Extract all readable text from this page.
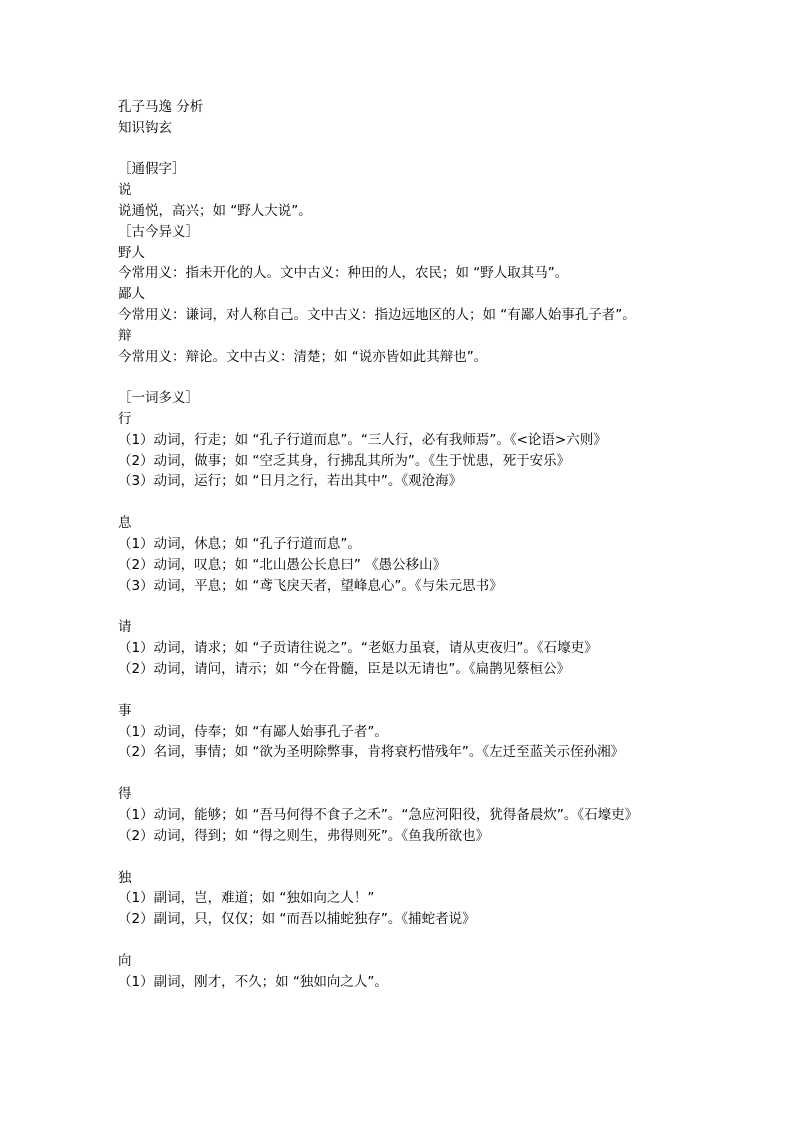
孔子马逸 分析
知识钩玄
［通假字］
说
说通悦，高兴；如 “野人大说”。
［古今异义］
野人
今常用义：指未开化的人。文中古义：种田的人，农民；如 “野人取其马”。
鄙人
今常用义：谦词，对人称自己。文中古义：指边远地区的人；如 “有鄙人始事孔子者”。
辩
今常用义：辩论。文中古义：清楚；如 “说亦皆如此其辩也”。
［一词多义］
行
（1）动词，行走；如 “孔子行道而息”。“三人行，必有我师焉”。《<论语>六则》
（2）动词，做事；如 “空乏其身，行拂乱其所为”。《生于忧患，死于安乐》
（3）动词，运行；如 “日月之行，若出其中”。《观沧海》
息
（1）动词，休息；如 “孔子行道而息”。
（2）动词，叹息；如 “北山愚公长息曰” 《愚公移山》
（3）动词，平息；如 “鸢飞戾天者，望峰息心”。《与朱元思书》
请
（1）动词，请求；如 “子贡请往说之”。“老妪力虽衰，请从吏夜归”。《石壕吏》
（2）动词，请问，请示；如 “今在骨髓，臣是以无请也”。《扁鹊见蔡桓公》
事
（1）动词，侍奉；如 “有鄙人始事孔子者”。
（2）名词，事情；如 “欲为圣明除弊事，肯将衰朽惜残年”。《左迁至蓝关示侄孙湘》
得
（1）动词，能够；如 “吾马何得不食子之禾”。“急应河阳役，犹得备晨炊”。《石壕吏》
（2）动词，得到；如 “得之则生，弗得则死”。《鱼我所欲也》
独
（1）副词，岂，难道；如 “独如向之人！”
（2）副词，只，仅仅；如 “而吾以捕蛇独存”。《捕蛇者说》
向
（1）副词，刚才，不久；如 “独如向之人”。
